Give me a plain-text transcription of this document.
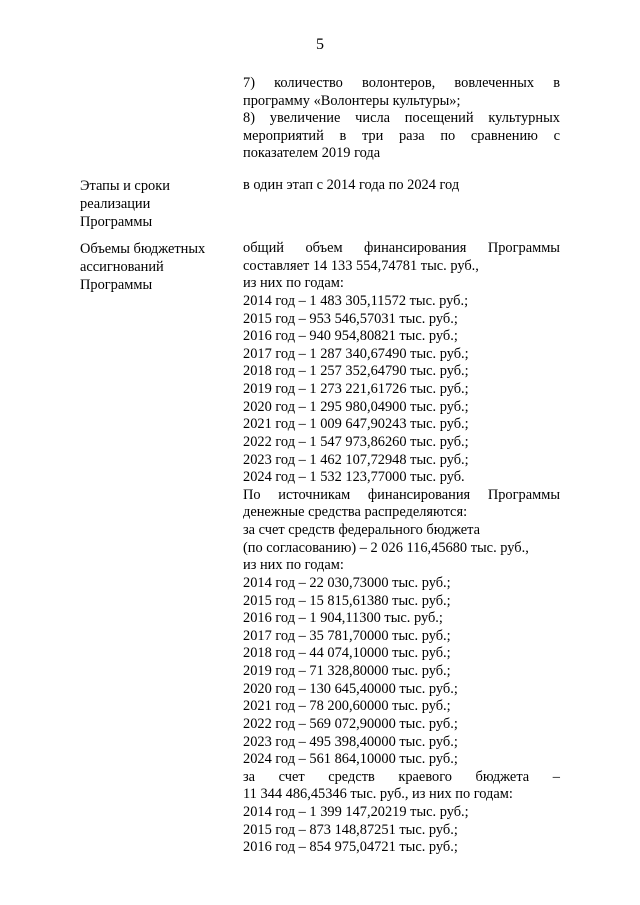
5
7) количество волонтеров, вовлеченных в
программу «Волонтеры культуры»;
8) увеличение числа посещений культурных
мероприятий в три раза по сравнению с
показателем 2019 года
Этапы и сроки
реализации
Программы
в один этап с 2014 года по 2024 год
Объемы бюджетных
ассигнований
Программы
общий объем финансирования Программы
составляет 14 133 554,74781 тыс. руб.,
из них по годам:
2014 год – 1 483 305,11572 тыс. руб.;
2015 год – 953 546,57031 тыс. руб.;
2016 год – 940 954,80821 тыс. руб.;
2017 год – 1 287 340,67490 тыс. руб.;
2018 год – 1 257 352,64790 тыс. руб.;
2019 год – 1 273 221,61726 тыс. руб.;
2020 год – 1 295 980,04900 тыс. руб.;
2021 год – 1 009 647,90243 тыс. руб.;
2022 год – 1 547 973,86260 тыс. руб.;
2023 год – 1 462 107,72948 тыс. руб.;
2024 год – 1 532 123,77000 тыс. руб.
По источникам финансирования Программы
денежные средства распределяются:
за счет средств федерального бюджета
(по согласованию) – 2 026 116,45680 тыс. руб.,
из них по годам:
2014 год – 22 030,73000 тыс. руб.;
2015 год – 15 815,61380 тыс. руб.;
2016 год – 1 904,11300 тыс. руб.;
2017 год – 35 781,70000 тыс. руб.;
2018 год – 44 074,10000 тыс. руб.;
2019 год – 71 328,80000 тыс. руб.;
2020 год – 130 645,40000 тыс. руб.;
2021 год – 78 200,60000 тыс. руб.;
2022 год – 569 072,90000 тыс. руб.;
2023 год – 495 398,40000 тыс. руб.;
2024 год – 561 864,10000 тыс. руб.;
за счет средств краевого бюджета –
11 344 486,45346 тыс. руб., из них по годам:
2014 год – 1 399 147,20219 тыс. руб.;
2015 год – 873 148,87251 тыс. руб.;
2016 год – 854 975,04721 тыс. руб.;
